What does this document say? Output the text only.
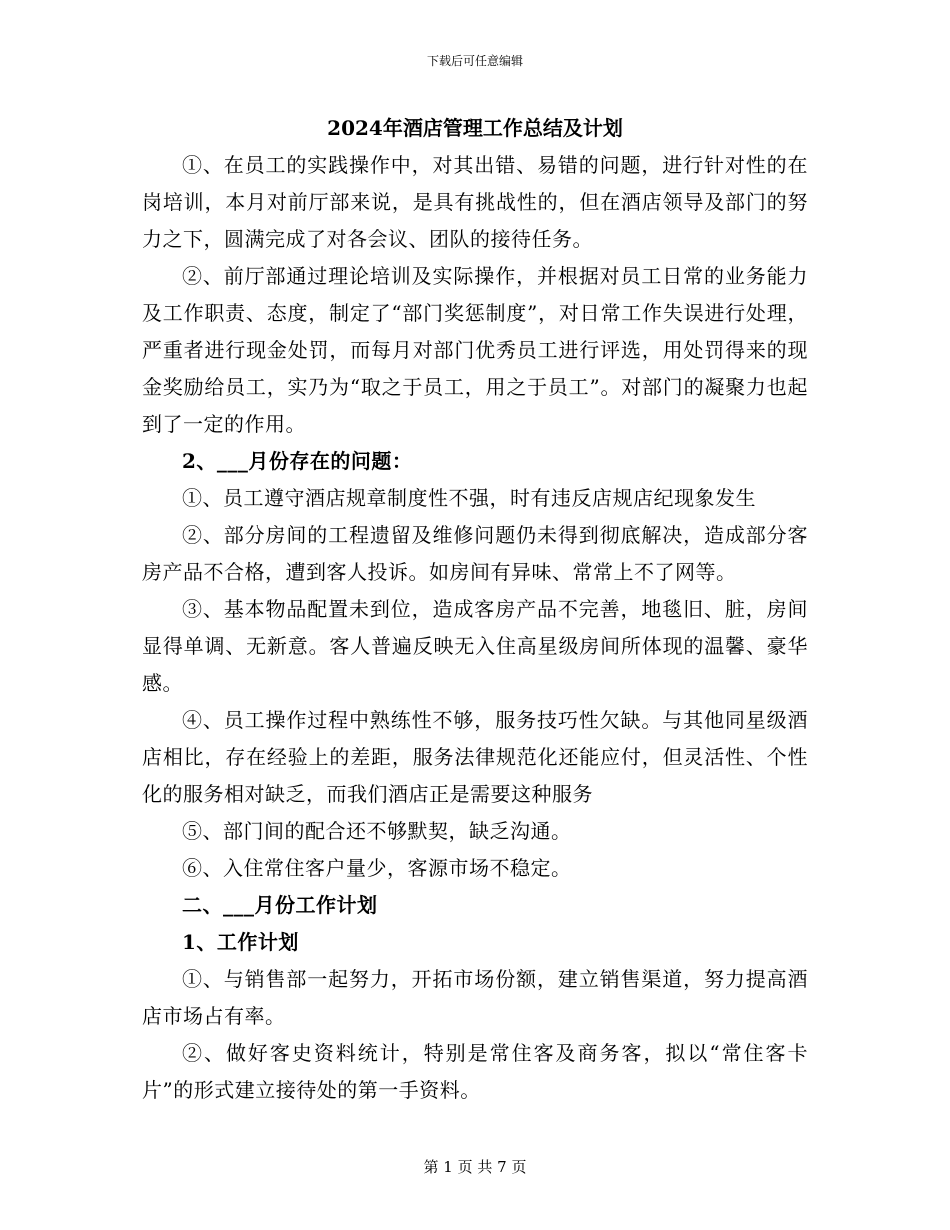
下载后可任意编辑
2024年酒店管理工作总结及计划

①、在员工的实践操作中，对其出错、易错的问题，进行针对性的在岗培训，本月对前厅部来说，是具有挑战性的，但在酒店领导及部门的努力之下，圆满完成了对各会议、团队的接待任务。

②、前厅部通过理论培训及实际操作，并根据对员工日常的业务能力及工作职责、态度，制定了“部门奖惩制度”，对日常工作失误进行处理，严重者进行现金处罚，而每月对部门优秀员工进行评选，用处罚得来的现金奖励给员工，实乃为“取之于员工，用之于员工”。对部门的凝聚力也起到了一定的作用。

2、___月份存在的问题：

①、员工遵守酒店规章制度性不强，时有违反店规店纪现象发生

②、部分房间的工程遗留及维修问题仍未得到彻底解决，造成部分客房产品不合格，遭到客人投诉。如房间有异味、常常上不了网等。

③、基本物品配置未到位，造成客房产品不完善，地毯旧、脏，房间显得单调、无新意。客人普遍反映无入住高星级房间所体现的温馨、豪华感。

④、员工操作过程中熟练性不够，服务技巧性欠缺。与其他同星级酒店相比，存在经验上的差距，服务法律规范化还能应付，但灵活性、个性化的服务相对缺乏，而我们酒店正是需要这种服务

⑤、部门间的配合还不够默契，缺乏沟通。

⑥、入住常住客户量少，客源市场不稳定。

二、___月份工作计划

1、工作计划

①、与销售部一起努力，开拓市场份额，建立销售渠道，努力提高酒店市场占有率。

②、做好客史资料统计，特别是常住客及商务客，拟以“常住客卡片”的形式建立接待处的第一手资料。

第 1 页 共 7 页
